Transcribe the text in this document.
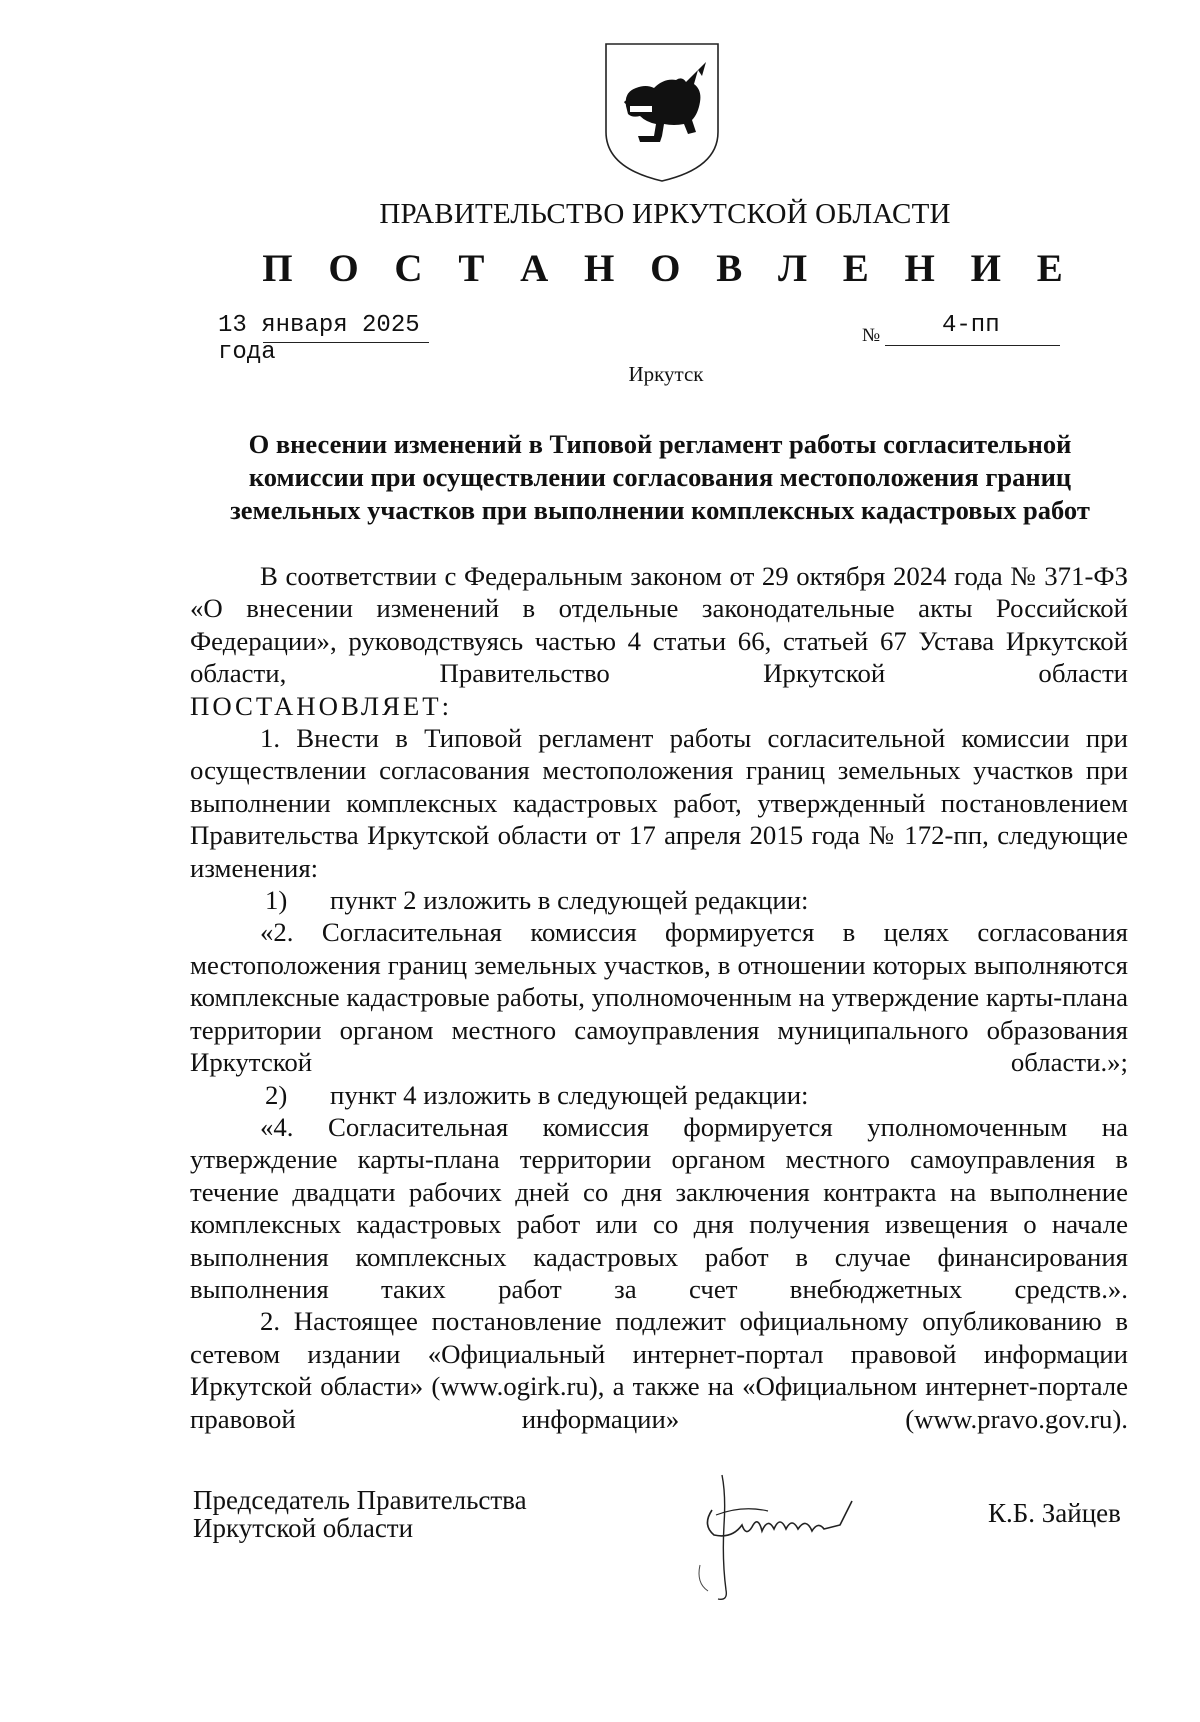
ПРАВИТЕЛЬСТВО ИРКУТСКОЙ ОБЛАСТИ
П О С Т А Н О В Л Е Н И Е
13 января 2025 года
№	4-пп
Иркутск
О внесении изменений в Типовой регламент работы согласительной комиссии при осуществлении согласования местоположения границ земельных участков при выполнении комплексных кадастровых работ

В соответствии с Федеральным законом от 29 октября 2024 года № 371-ФЗ «О внесении изменений в отдельные законодательные акты Российской Федерации», руководствуясь частью 4 статьи 66, статьей 67 Устава Иркутской области, Правительство Иркутской области

ПОСТАНОВЛЯЕТ:

1. Внести в Типовой регламент работы согласительной комиссии при осуществлении согласования местоположения границ земельных участков при выполнении комплексных кадастровых работ, утвержденный постановлением Правительства Иркутской области от 17 апреля 2015 года № 172-пп, следующие изменения:

1) пункт 2 изложить в следующей редакции:

«2. Согласительная комиссия формируется в целях согласования местоположения границ земельных участков, в отношении которых выполняются комплексные кадастровые работы, уполномоченным на утверждение карты-плана территории органом местного самоуправления муниципального образования Иркутской области.»;

2) пункт 4 изложить в следующей редакции:

«4. Согласительная комиссия формируется уполномоченным на утверждение карты-плана территории органом местного самоуправления в течение двадцати рабочих дней со дня заключения контракта на выполнение комплексных кадастровых работ или со дня получения извещения о начале выполнения комплексных кадастровых работ в случае финансирования выполнения таких работ за счет внебюджетных средств.».

2. Настоящее постановление подлежит официальному опубликованию в сетевом издании «Официальный интернет-портал правовой информации Иркутской области» (www.ogirk.ru), а также на «Официальном интернет-портале правовой информации» (www.pravo.gov.ru).

Председатель Правительства
Иркутской области	К.Б. Зайцев
